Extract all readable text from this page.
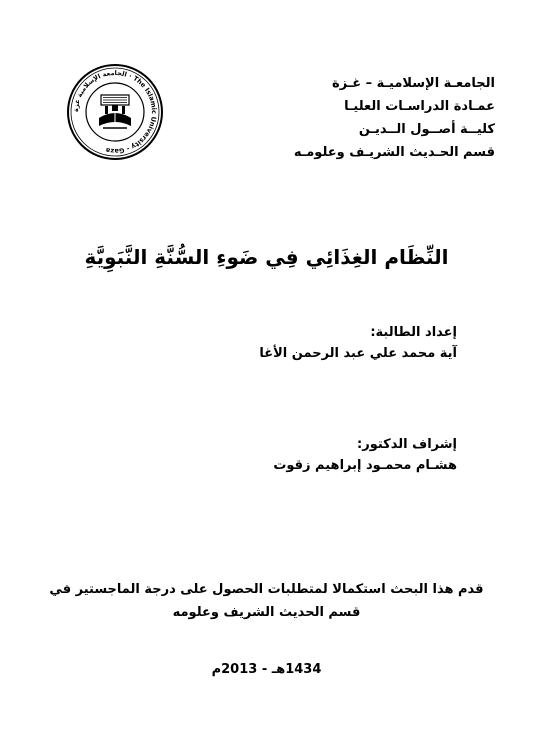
الجامعـة الإسلاميـة – غـزة
عمـادة الدراسـات العليـا
كليــة أصــول الــديـن
قسم الحـديث الشريـف وعلومـه
الجامعة الإسلامية غزة · The Islamic University - Gaza
النِّظَام الغِذَائِي فِي ضَوءِ السُّنَّةِ النَّبَوِيَّةِ
إعداد الطالبة:
آية محمد علي عبد الرحمن الأغا
إشراف الدكتور:
هشـام محمـود إبراهيم زقوت
قدم هذا البحث استكمالا لمتطلبات الحصول على درجة الماجستير في
قسم الحديث الشريف وعلومه
1434هـ - 2013م
